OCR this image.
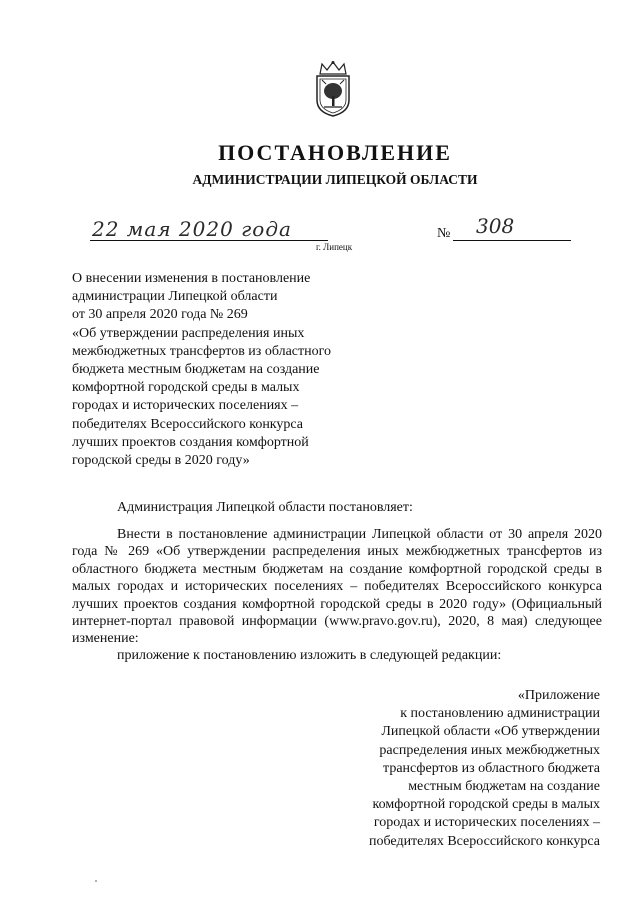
ПОСТАНОВЛЕНИЕ
АДМИНИСТРАЦИИ ЛИПЕЦКОЙ ОБЛАСТИ
22 мая 2020 года
г. Липецк
№ 308
О внесении изменения в постановление
администрации Липецкой области
от 30 апреля 2020 года № 269
«Об утверждении распределения иных
межбюджетных трансфертов из областного
бюджета местным бюджетам на создание
комфортной городской среды в малых
городах и исторических поселениях –
победителях Всероссийского конкурса
лучших проектов создания комфортной
городской среды в 2020 году»
Администрация Липецкой области постановляет:
Внести в постановление администрации Липецкой области от 30 апреля 2020 года № 269 «Об утверждении распределения иных межбюджетных трансфертов из областного бюджета местным бюджетам на создание комфортной городской среды в малых городах и исторических поселениях – победителях Всероссийского конкурса лучших проектов создания комфортной городской среды в 2020 году» (Официальный интернет-портал правовой информации (www.pravo.gov.ru), 2020, 8 мая) следующее изменение:
приложение к постановлению изложить в следующей редакции:
«Приложение
к постановлению администрации
Липецкой области «Об утверждении
распределения иных межбюджетных
трансфертов из областного бюджета
местным бюджетам на создание
комфортной городской среды в малых
городах и исторических поселениях –
победителях Всероссийского конкурса
